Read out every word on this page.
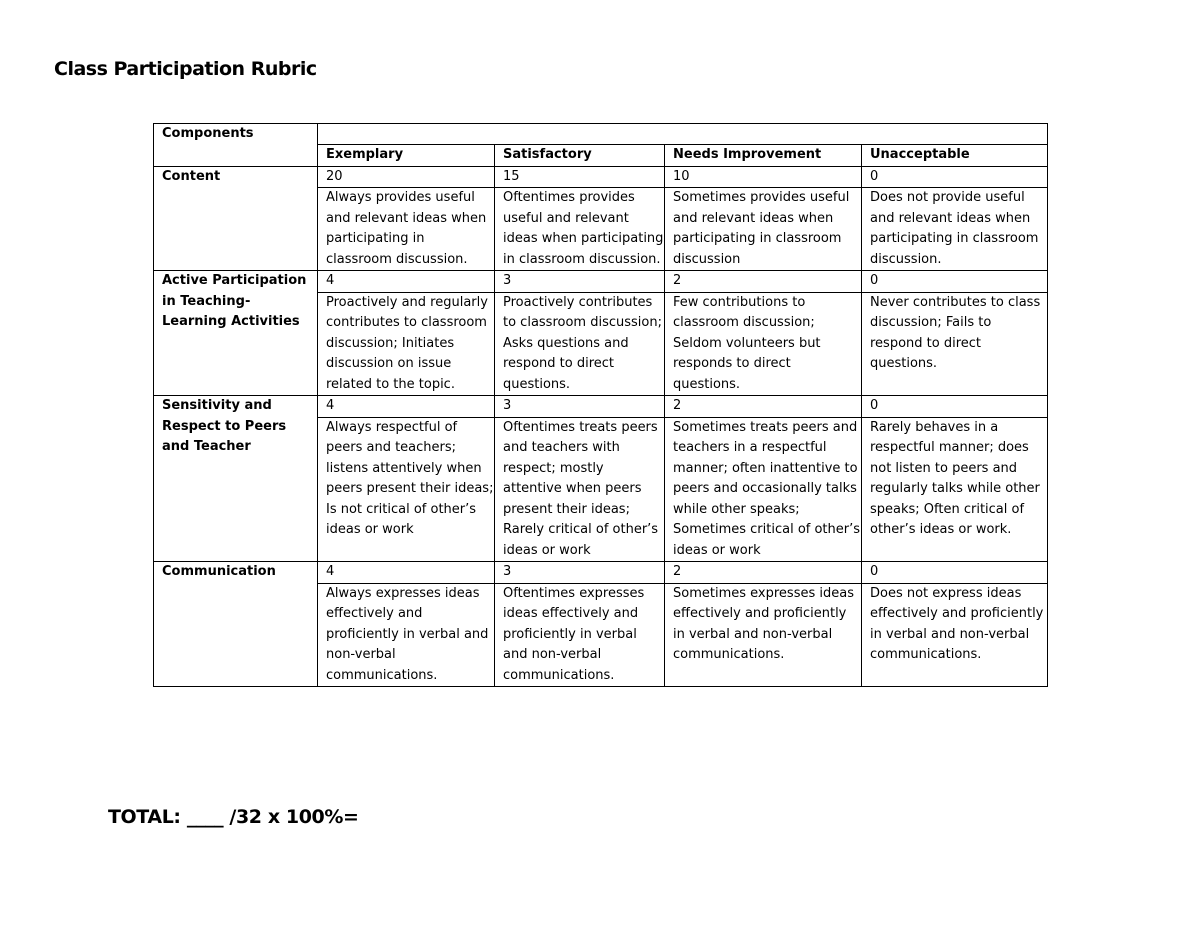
Class Participation Rubric
Components				
	Exemplary	Satisfactory	Needs Improvement	Unacceptable
Content	20	15	10	0
	Always provides useful and relevant ideas when participating in classroom discussion.	Oftentimes provides useful and relevant ideas when participating in classroom discussion.	Sometimes provides useful and relevant ideas when participating in classroom discussion	Does not provide useful and relevant ideas when participating in classroom discussion.
Active Participation in Teaching-Learning Activities	4	3	2	0
	Proactively and regularly contributes to classroom discussion; Initiates discussion on issue related to the topic.	Proactively contributes to classroom discussion; Asks questions and respond to direct questions.	Few contributions to classroom discussion; Seldom volunteers but responds to direct questions.	Never contributes to class discussion; Fails to respond to direct questions.
Sensitivity and Respect to Peers and Teacher	4	3	2	0
	Always respectful of peers and teachers; listens attentively when peers present their ideas; Is not critical of other’s ideas or work	Oftentimes treats peers and teachers with respect; mostly attentive when peers present their ideas; Rarely critical of other’s ideas or work	Sometimes treats peers and teachers in a respectful manner; often inattentive to peers and occasionally talks while other speaks; Sometimes critical of other’s ideas or work	Rarely behaves in a respectful manner; does not listen to peers and regularly talks while other speaks; Often critical of other’s ideas or work.
Communication	4	3	2	0
	Always expresses ideas effectively and proficiently in verbal and non-verbal communications.	Oftentimes expresses ideas effectively and proficiently in verbal and non-verbal communications.	Sometimes expresses ideas effectively and proficiently in verbal and non-verbal communications.	Does not express ideas effectively and proficiently in verbal and non-verbal communications.
TOTAL: ____ /32 x 100%=
